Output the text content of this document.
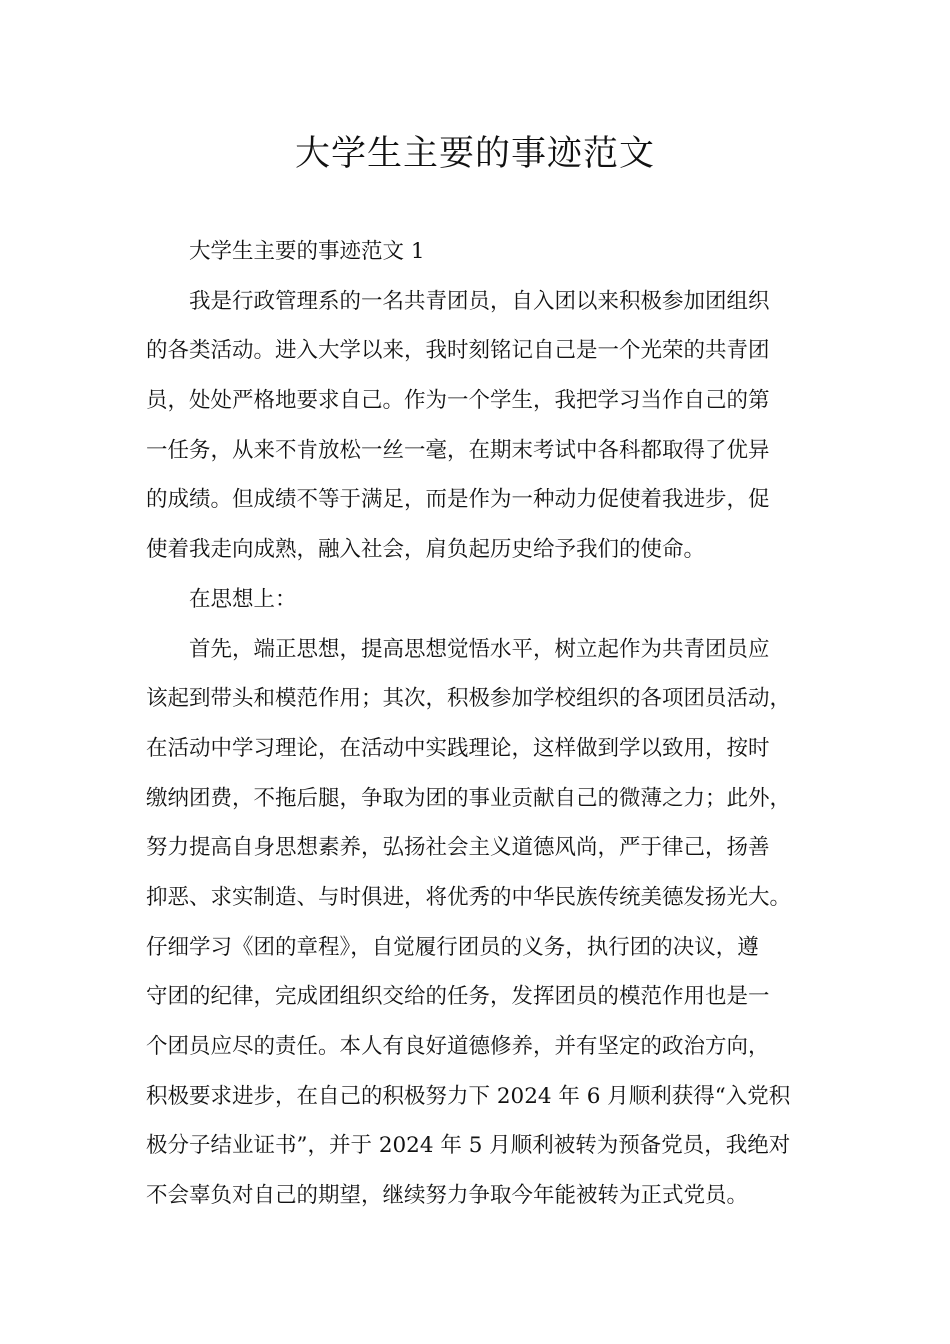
大学生主要的事迹范文
大学生主要的事迹范文 1
我是行政管理系的一名共青团员，自入团以来积极参加团组织
的各类活动。进入大学以来，我时刻铭记自己是一个光荣的共青团
员，处处严格地要求自己。作为一个学生，我把学习当作自己的第
一任务，从来不肯放松一丝一毫，在期末考试中各科都取得了优异
的成绩。但成绩不等于满足，而是作为一种动力促使着我进步，促
使着我走向成熟，融入社会，肩负起历史给予我们的使命。
在思想上：
首先，端正思想，提高思想觉悟水平，树立起作为共青团员应
该起到带头和模范作用；其次，积极参加学校组织的各项团员活动，
在活动中学习理论，在活动中实践理论，这样做到学以致用，按时
缴纳团费，不拖后腿，争取为团的事业贡献自己的微薄之力；此外，
努力提高自身思想素养，弘扬社会主义道德风尚，严于律己，扬善
抑恶、求实制造、与时俱进，将优秀的中华民族传统美德发扬光大。
仔细学习《团的章程》，自觉履行团员的义务，执行团的决议，遵
守团的纪律，完成团组织交给的任务，发挥团员的模范作用也是一
个团员应尽的责任。本人有良好道德修养，并有坚定的政治方向，
积极要求进步，在自己的积极努力下 2024 年 6 月顺利获得“入党积
极分子结业证书”，并于 2024 年 5 月顺利被转为预备党员，我绝对
不会辜负对自己的期望，继续努力争取今年能被转为正式党员。
